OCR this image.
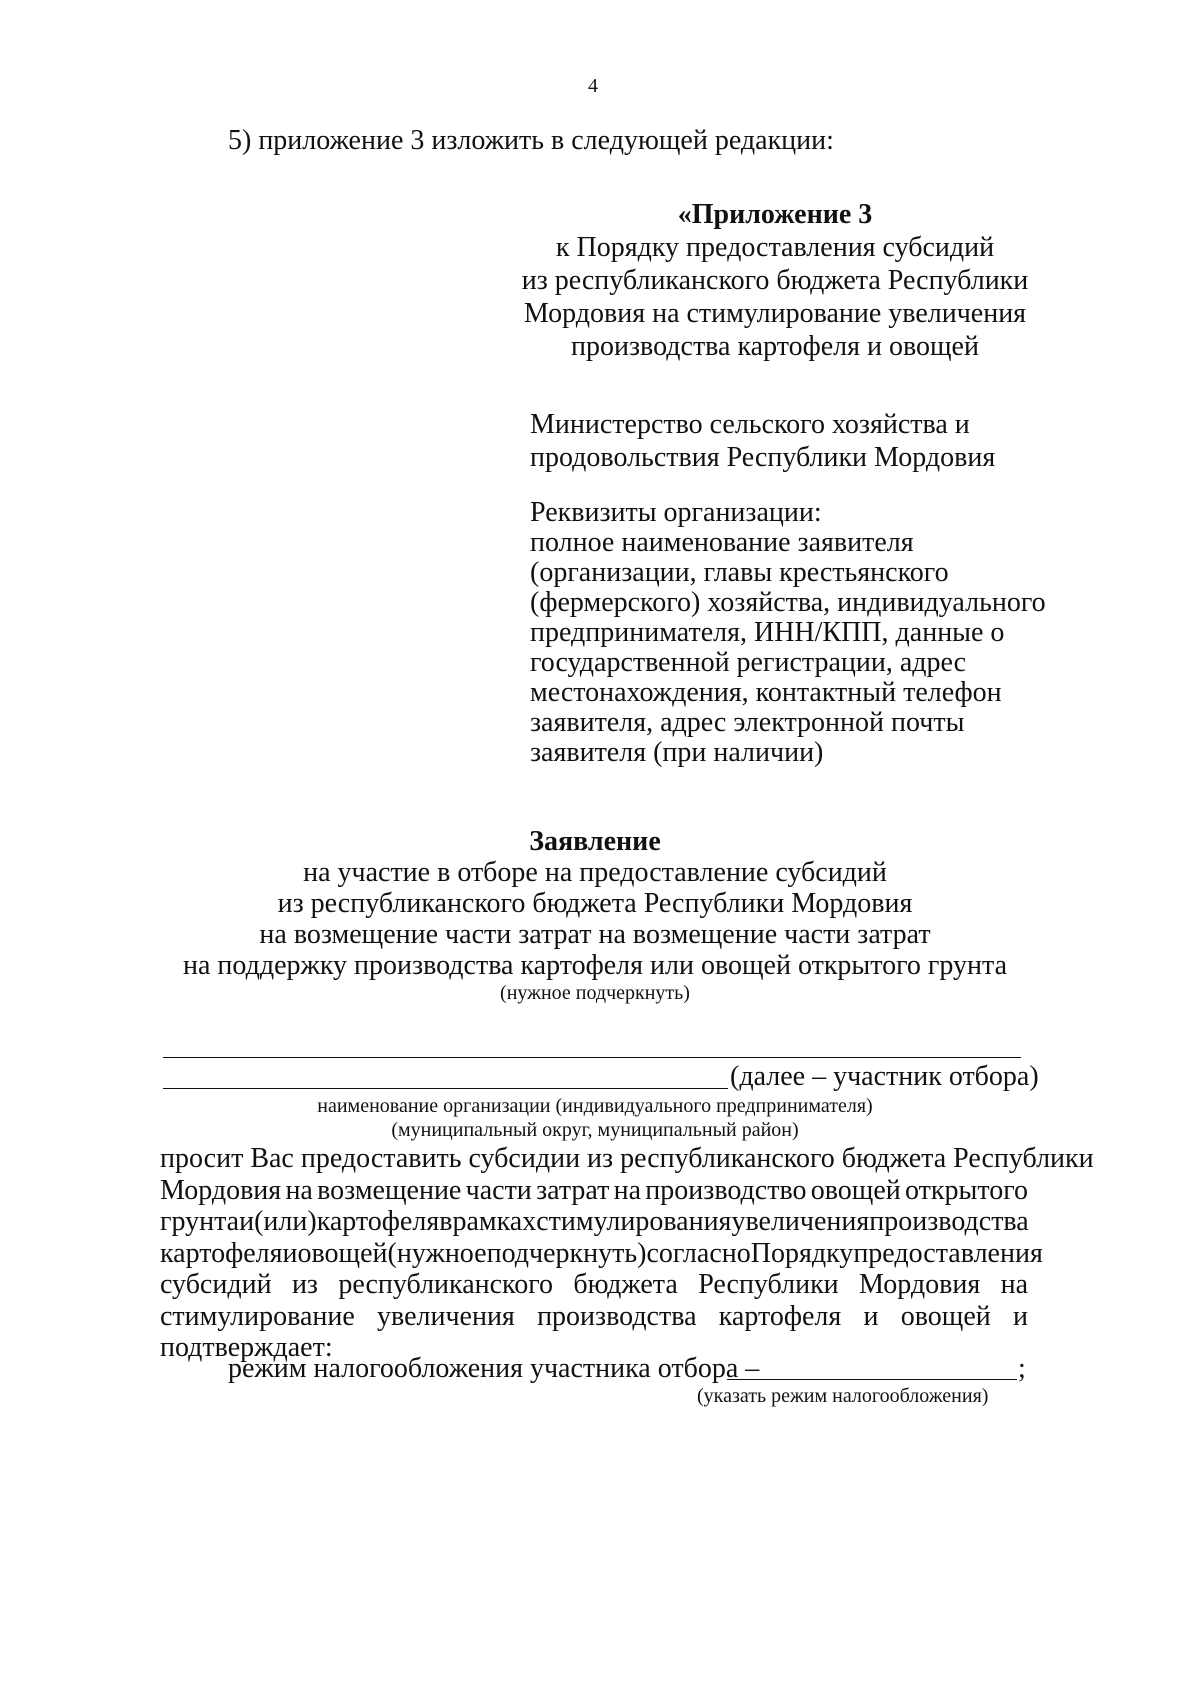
4
5) приложение 3 изложить в следующей редакции:
«Приложение 3
к Порядку предоставления субсидий
из республиканского бюджета Республики
Мордовия на стимулирование увеличения
производства картофеля и овощей
Министерство сельского хозяйства и
продовольствия Республики Мордовия
Реквизиты организации:
полное наименование заявителя
(организации, главы крестьянского
(фермерского) хозяйства, индивидуального
предпринимателя, ИНН/КПП, данные о
государственной регистрации, адрес
местонахождения, контактный телефон
заявителя, адрес электронной почты
заявителя (при наличии)
Заявление
на участие в отборе на предоставление субсидий
из республиканского бюджета Республики Мордовия
на возмещение части затрат на возмещение части затрат
на поддержку производства картофеля или овощей открытого грунта
(нужное подчеркнуть)
(далее – участник отбора)
наименование организации (индивидуального предпринимателя)
(муниципальный округ, муниципальный район)
просит Вас предоставить субсидии из республиканского бюджета Республики
Мордовия на возмещение части затрат на производство овощей открытого
грунта и (или) картофеля в рамках стимулирования увеличения производства
картофеля и овощей (нужное подчеркнуть) согласно Порядку предоставления
субсидий из республиканского бюджета Республики Мордовия на
стимулирование увеличения производства картофеля и овощей и
подтверждает:
режим налогообложения участника отбора –	;
(указать режим налогообложения)
